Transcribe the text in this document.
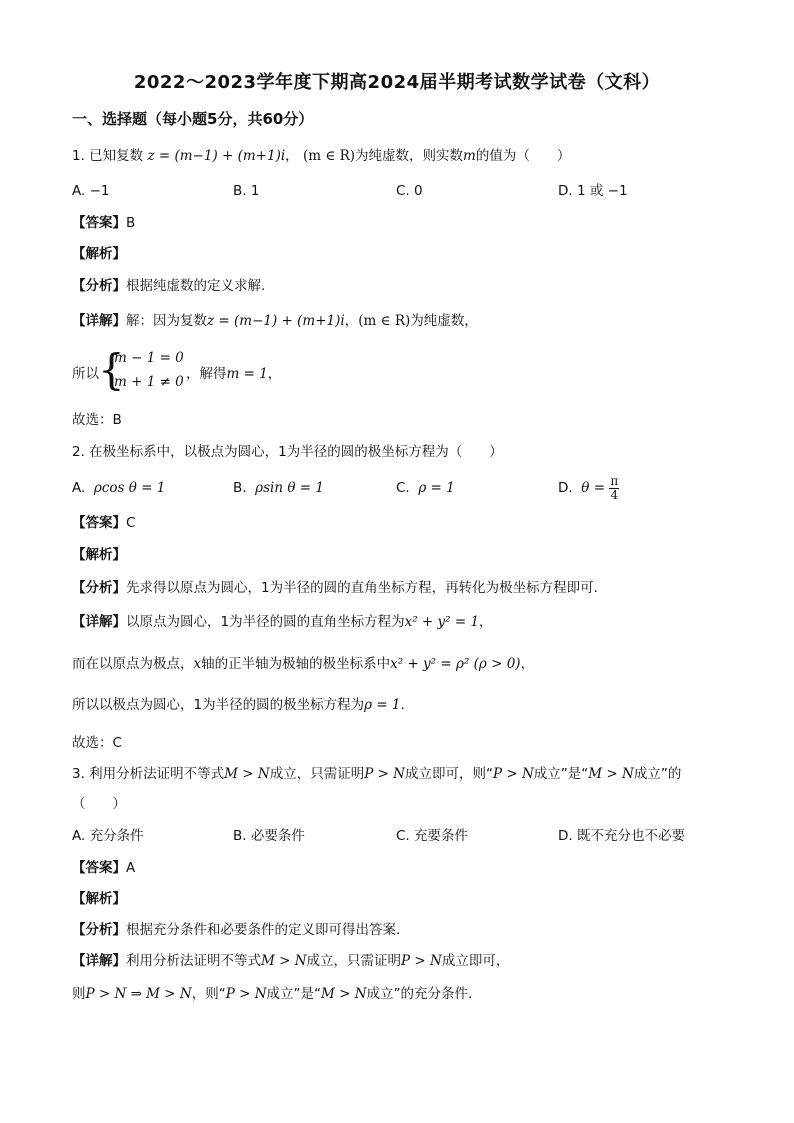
2022～2023学年度下期高2024届半期考试数学试卷（文科）
一、选择题（每小题5分，共60分）
1. 已知复数 z = (m−1) + (m+1)i， (m ∈ R)为纯虚数，则实数m的值为（　　）
A. −1	B. 1	C. 0	D. 1 或 −1
【答案】B
【解析】
【分析】根据纯虚数的定义求解.
【详解】解：因为复数z = (m−1) + (m+1)i，(m ∈ R)为纯虚数，
所以 {
m − 1 = 0
m + 1 ≠ 0 ，解得m = 1，
故选：B
2. 在极坐标系中，以极点为圆心，1为半径的圆的极坐标方程为（　　）
A. ρcos θ = 1	B. ρsin θ = 1	C. ρ = 1	D. $\theta = \frac{\pi}{4}$
【答案】C
【解析】
【分析】先求得以原点为圆心，1为半径的圆的直角坐标方程，再转化为极坐标方程即可.
【详解】以原点为圆心，1为半径的圆的直角坐标方程为x² + y² = 1，
而在以原点为极点，x轴的正半轴为极轴的极坐标系中x² + y² = ρ² (ρ > 0)，
所以以极点为圆心，1为半径的圆的极坐标方程为ρ = 1.
故选：C
3. 利用分析法证明不等式M > N成立，只需证明P > N成立即可，则“P > N成立”是“M > N成立”的
（　　）
A. 充分条件	B. 必要条件	C. 充要条件	D. 既不充分也不必要
【答案】A
【解析】
【分析】根据充分条件和必要条件的定义即可得出答案.
【详解】利用分析法证明不等式M > N成立，只需证明P > N成立即可，
则P > N ⇒ M > N，则“P > N成立”是“M > N成立”的充分条件.
